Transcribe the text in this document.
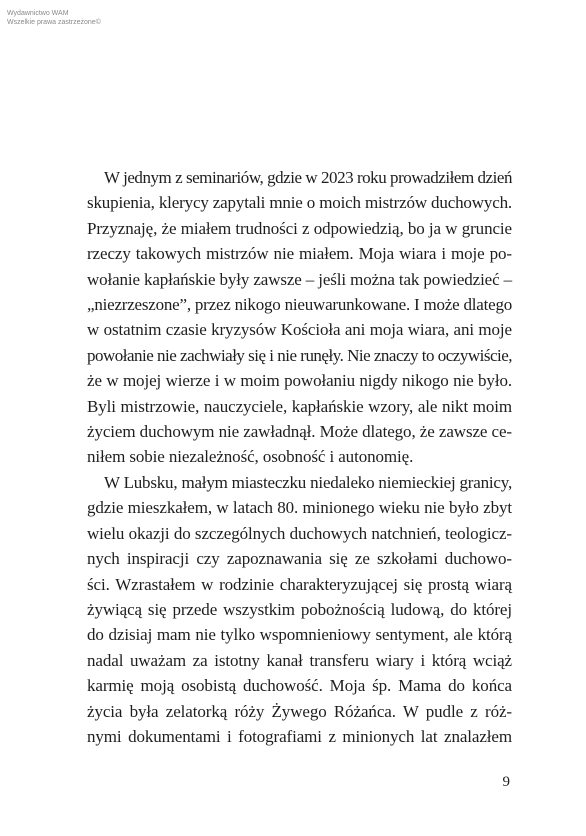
Wydawnictwo WAM
Wszelkie prawa zastrzeżone©

W jednym z seminariów, gdzie w 2023 roku prowadziłem dzień
skupienia, klerycy zapytali mnie o moich mistrzów duchowych.
Przyznaję, że miałem trudności z odpowiedzią, bo ja w gruncie
rzeczy takowych mistrzów nie miałem. Moja wiara i moje po-
wołanie kapłańskie były zawsze – jeśli można tak powiedzieć –
„niezrzeszone”, przez nikogo nieuwarunkowane. I może dlatego
w ostatnim czasie kryzysów Kościoła ani moja wiara, ani moje
powołanie nie zachwiały się i nie runęły. Nie znaczy to oczywiście,
że w mojej wierze i w moim powołaniu nigdy nikogo nie było.
Byli mistrzowie, nauczyciele, kapłańskie wzory, ale nikt moim
życiem duchowym nie zawładnął. Może dlatego, że zawsze ce-
niłem sobie niezależność, osobność i autonomię.

W Lubsku, małym miasteczku niedaleko niemieckiej granicy,
gdzie mieszkałem, w latach 80. minionego wieku nie było zbyt
wielu okazji do szczególnych duchowych natchnień, teologicz-
nych inspiracji czy zapoznawania się ze szkołami duchowo-
ści. Wzrastałem w rodzinie charakteryzującej się prostą wiarą
żywiącą się przede wszystkim pobożnością ludową, do której
do dzisiaj mam nie tylko wspomnieniowy sentyment, ale którą
nadal uważam za istotny kanał transferu wiary i którą wciąż
karmię moją osobistą duchowość. Moja śp. Mama do końca
życia była zelatorką róży Żywego Różańca. W pudle z róż-
nymi dokumentami i fotografiami z minionych lat znalazłem

9
